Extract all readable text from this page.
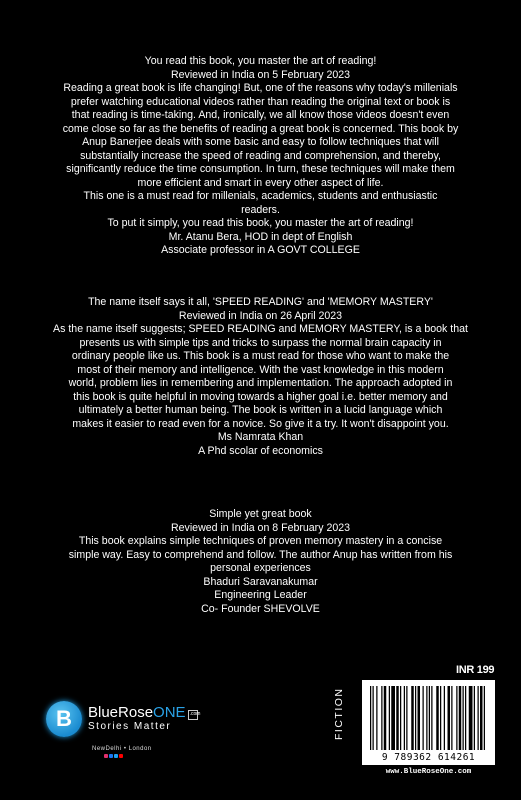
You read this book, you master the art of reading!

Reviewed in India on 5 February 2023

Reading a great book is life changing! But, one of the reasons why today's millenials

prefer watching educational videos rather than reading the original text or book is

that reading is time-taking. And, ironically, we all know those videos doesn't even

come close so far as the benefits of reading a great book is concerned. This book by

Anup Banerjee deals with some basic and easy to follow techniques that will

substantially increase the speed of reading and comprehension, and thereby,

significantly reduce the time consumption. In turn, these techniques will make them

more efficient and smart in every other aspect of life.

This one is a must read for millenials, academics, students and enthusiastic

readers.

To put it simply, you read this book, you master the art of reading!

Mr. Atanu Bera, HOD in dept of English

Associate professor in A GOVT COLLEGE

The name itself says it all, 'SPEED READING' and 'MEMORY MASTERY'

Reviewed in India on 26 April 2023

As the name itself suggests; SPEED READING and MEMORY MASTERY, is a book that

presents us with simple tips and tricks to surpass the normal brain capacity in

ordinary people like us. This book is a must read for those who want to make the

most of their memory and intelligence. With the vast knowledge in this modern

world, problem lies in remembering and implementation. The approach adopted in

this book is quite helpful in moving towards a higher goal i.e. better memory and

ultimately a better human being. The book is written in a lucid language which

makes it easier to read even for a novice. So give it a try. It won't disappoint you.

Ms Namrata Khan

A Phd scolar of economics

Simple yet great book

Reviewed in India on 8 February 2023

This book explains simple techniques of proven memory mastery in a concise

simple way. Easy to comprehend and follow. The author Anup has written from his

personal experiences

Bhaduri Saravanakumar

Engineering Leader

Co- Founder SHEVOLVE

B	BlueRoseONE .com
Stories Matter
NewDelhi • London
FICTION
INR 199
9 789362 614261
www.BlueRoseOne.com
